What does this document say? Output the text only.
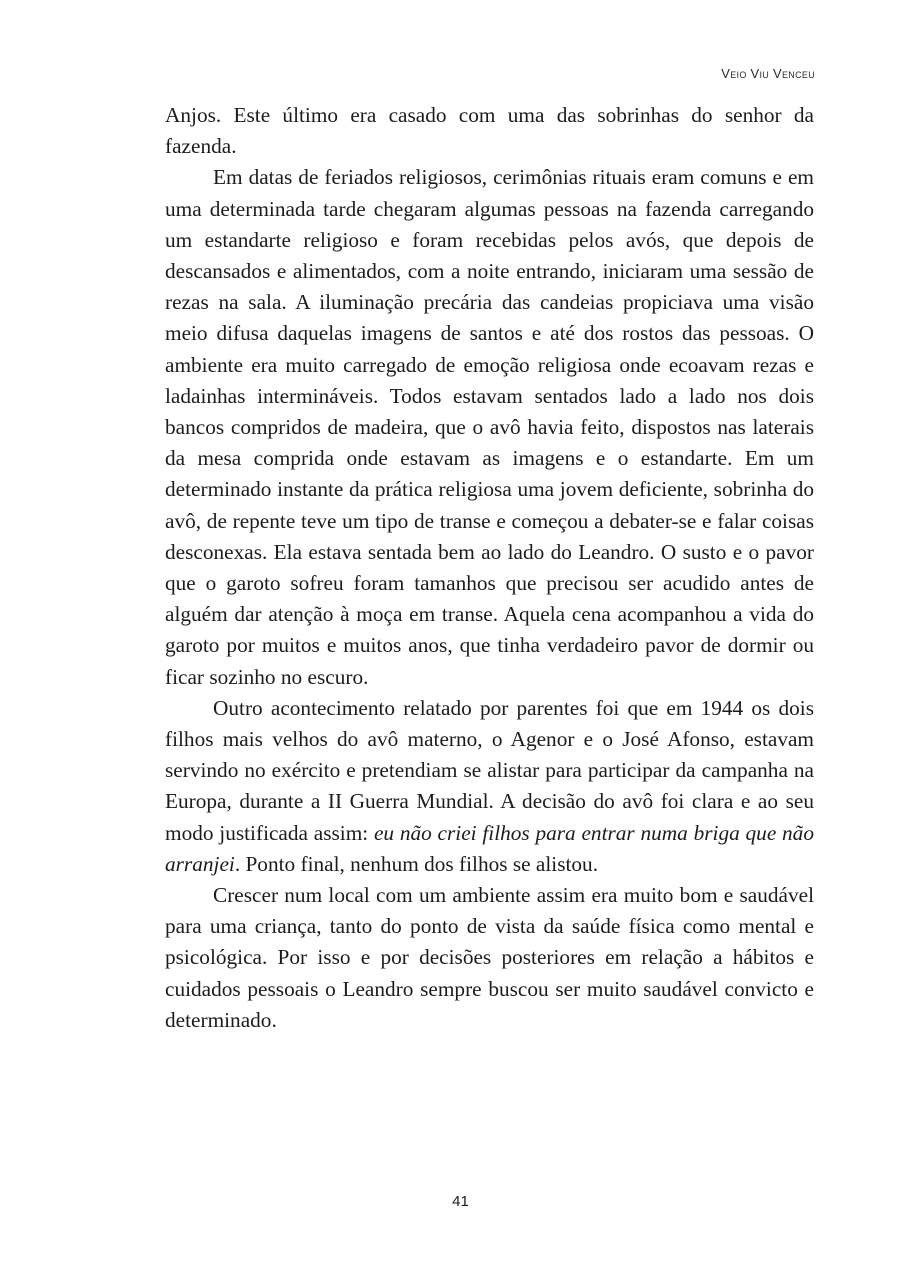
Veio Viu Venceu

Anjos. Este último era casado com uma das sobrinhas do senhor da fazenda.

Em datas de feriados religiosos, cerimônias rituais eram comuns e em uma determinada tarde chegaram algumas pessoas na fazenda carregando um estandarte religioso e foram recebidas pelos avós, que depois de descansados e alimentados, com a noite entrando, iniciaram uma sessão de rezas na sala. A iluminação precária das candeias propiciava uma visão meio difusa daquelas imagens de santos e até dos rostos das pessoas. O ambiente era muito carregado de emoção religiosa onde ecoavam rezas e ladainhas intermináveis. Todos estavam sentados lado a lado nos dois bancos compridos de madeira, que o avô havia feito, dispostos nas laterais da mesa comprida onde estavam as imagens e o estandarte. Em um determinado instante da prática religiosa uma jovem deficiente, sobrinha do avô, de repente teve um tipo de transe e começou a debater-se e falar coisas desconexas. Ela estava sentada bem ao lado do Leandro. O susto e o pavor que o garoto sofreu foram tamanhos que precisou ser acudido antes de alguém dar atenção à moça em transe. Aquela cena acompanhou a vida do garoto por muitos e muitos anos, que tinha verdadeiro pavor de dormir ou ficar sozinho no escuro.

Outro acontecimento relatado por parentes foi que em 1944 os dois filhos mais velhos do avô materno, o Agenor e o José Afonso, estavam servindo no exército e pretendiam se alistar para participar da campanha na Europa, durante a II Guerra Mundial. A decisão do avô foi clara e ao seu modo justificada assim: eu não criei filhos para entrar numa briga que não arranjei. Ponto final, nenhum dos filhos se alistou.

Crescer num local com um ambiente assim era muito bom e saudável para uma criança, tanto do ponto de vista da saúde física como mental e psicológica. Por isso e por decisões posteriores em relação a hábitos e cuidados pessoais o Leandro sempre buscou ser muito saudável convicto e determinado.

41
